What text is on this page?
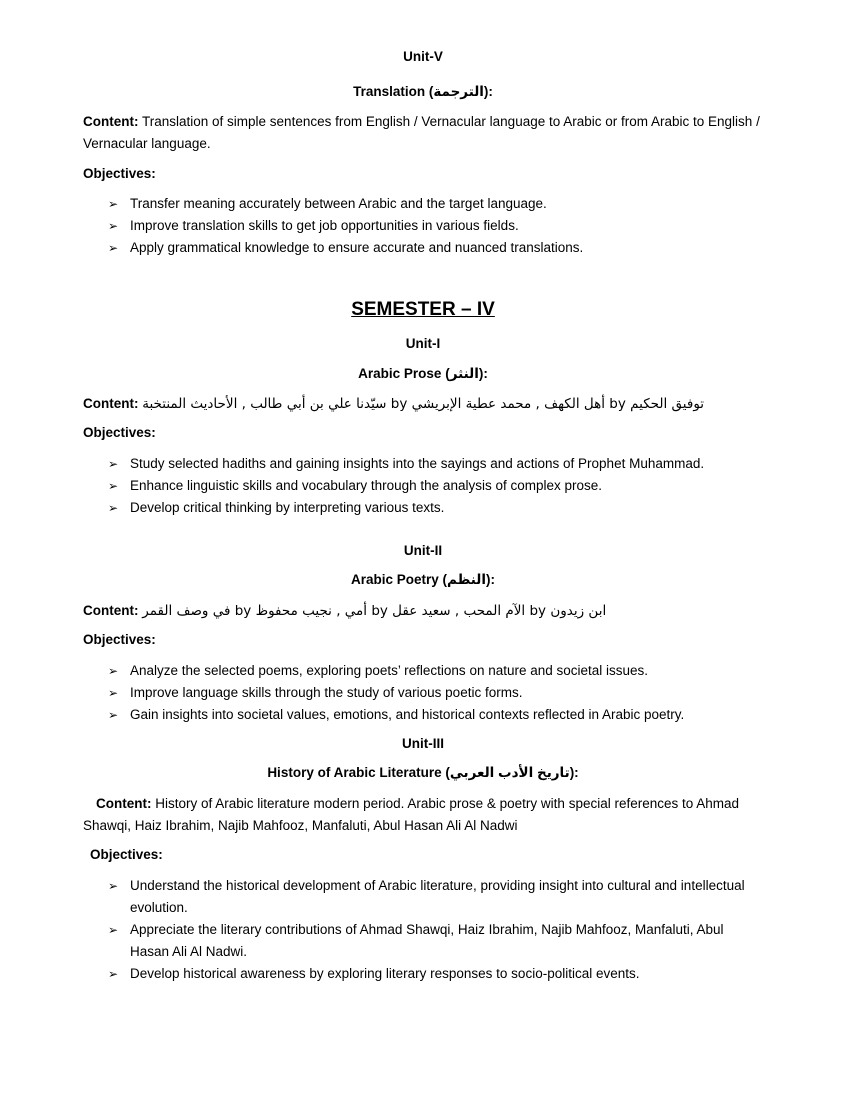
Unit-V
Translation (الترجمة):
Content: Translation of simple sentences from English / Vernacular language to Arabic or from Arabic to English / Vernacular language.
Objectives:
➢ Transfer meaning accurately between Arabic and the target language.
➢ Improve translation skills to get job opportunities in various fields.
➢ Apply grammatical knowledge to ensure accurate and nuanced translations.
SEMESTER – IV
Unit-I
Arabic Prose (النثر):
Content: توفيق الحكيم by أهل الكهف , محمد عطية الإبريشي by سيّدنا علي بن أبي طالب , الأحاديث المنتخبة
Objectives:
➢ Study selected hadiths and gaining insights into the sayings and actions of Prophet Muhammad.
➢ Enhance linguistic skills and vocabulary through the analysis of complex prose.
➢ Develop critical thinking by interpreting various texts.
Unit-II
Arabic Poetry (النظم):
Content: ابن زيدون by الآم المحب , سعيد عقل by أمي , نجيب محفوظ by في وصف القمر
Objectives:
➢ Analyze the selected poems, exploring poets’ reflections on nature and societal issues.
➢ Improve language skills through the study of various poetic forms.
➢ Gain insights into societal values, emotions, and historical contexts reflected in Arabic poetry.
Unit-III
History of Arabic Literature (تاريخ الأدب العربي):
Content: History of Arabic literature modern period. Arabic prose & poetry with special references to Ahmad Shawqi, Haiz Ibrahim, Najib Mahfooz, Manfaluti, Abul Hasan Ali Al Nadwi
Objectives:
➢ Understand the historical development of Arabic literature, providing insight into cultural and intellectual evolution.
➢ Appreciate the literary contributions of Ahmad Shawqi, Haiz Ibrahim, Najib Mahfooz, Manfaluti, Abul Hasan Ali Al Nadwi.
➢ Develop historical awareness by exploring literary responses to socio-political events.
